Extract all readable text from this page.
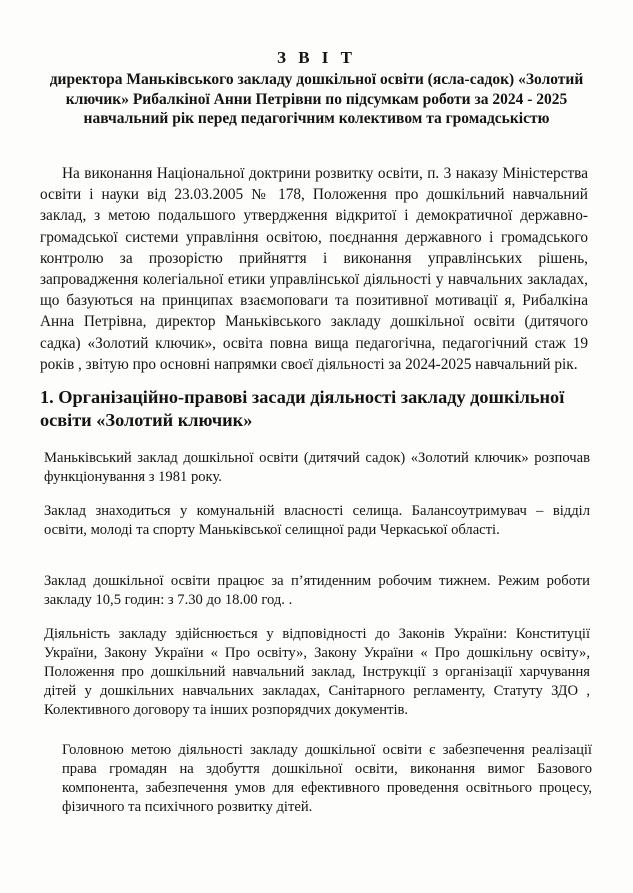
З В І Т
директора Маньківського закладу дошкільної освіти (ясла-садок) «Золотий ключик» Рибалкіної Анни Петрівни по підсумкам роботи за 2024 - 2025 навчальний рік перед педагогічним колективом та громадськістю
На виконання Національної доктрини розвитку освіти, п. 3 наказу Міністерства освіти і науки від 23.03.2005 № 178, Положення про дошкільний навчальний заклад, з метою подальшого утвердження відкритої і демократичної державно-громадської системи управління освітою, поєднання державного і громадського контролю за прозорістю прийняття і виконання управлінських рішень, запровадження колегіальної етики управлінської діяльності у навчальних закладах, що базуються на принципах взаємоповаги та позитивної мотивації я, Рибалкіна Анна Петрівна, директор Маньківського закладу дошкільної освіти (дитячого садка) «Золотий ключик», освіта повна вища педагогічна, педагогічний стаж 19 років , звітую про основні напрямки своєї діяльності за 2024-2025 навчальний рік.
1. Організаційно-правові засади діяльності закладу дошкільної освіти «Золотий ключик»
Маньківський заклад дошкільної освіти (дитячий садок) «Золотий ключик» розпочав функціонування з 1981 року.
Заклад знаходиться у комунальній власності селища. Балансоутримувач – відділ освіти, молоді та спорту Маньківської селищної ради Черкаської області.
Заклад дошкільної освіти працює за п’ятиденним робочим тижнем. Режим роботи закладу 10,5 годин: з 7.30 до 18.00 год. .
Діяльність закладу здійснюється у відповідності до Законів України: Конституції України, Закону України « Про освіту», Закону України « Про дошкільну освіту», Положення про дошкільний навчальний заклад, Інструкції з організації харчування дітей у дошкільних навчальних закладах, Санітарного регламенту, Статуту ЗДО , Колективного договору та інших розпорядчих документів.
Головною метою діяльності закладу дошкільної освіти є забезпечення реалізації права громадян на здобуття дошкільної освіти, виконання вимог Базового компонента, забезпечення умов для ефективного проведення освітнього процесу, фізичного та психічного розвитку дітей.
